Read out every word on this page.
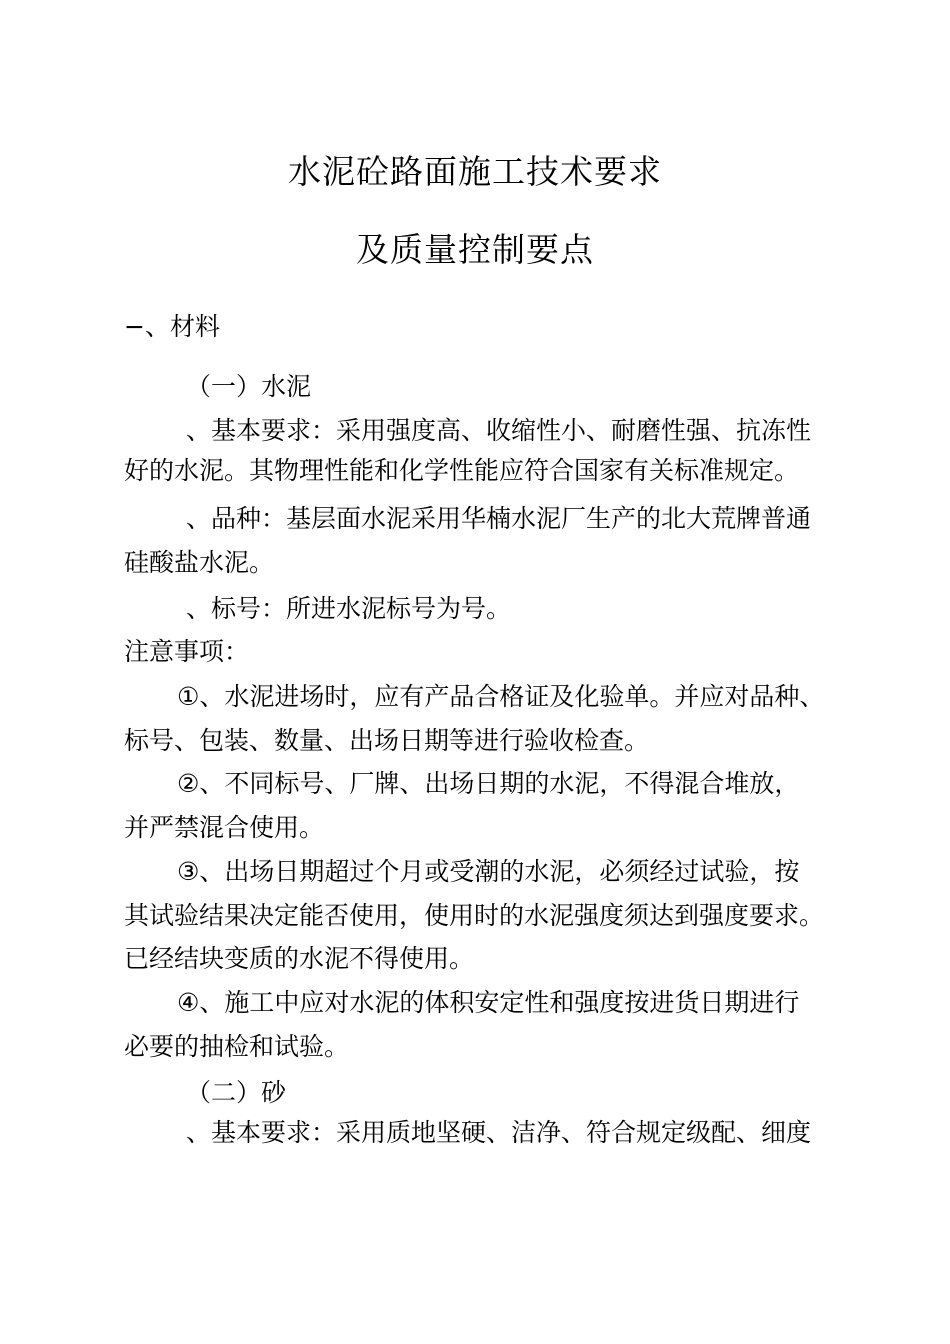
水泥砼路面施工技术要求
及质量控制要点
−、材料
（一）水泥
、基本要求：采用强度高、收缩性小、耐磨性强、抗冻性
好的水泥。其物理性能和化学性能应符合国家有关标准规定。
、品种：基层面水泥采用华楠水泥厂生产的北大荒牌普通
硅酸盐水泥。
、标号：所进水泥标号为号。
注意事项：
①、水泥进场时，应有产品合格证及化验单。并应对品种、
标号、包装、数量、出场日期等进行验收检查。
②、不同标号、厂牌、出场日期的水泥，不得混合堆放，
并严禁混合使用。
③、出场日期超过个月或受潮的水泥，必须经过试验，按
其试验结果决定能否使用，使用时的水泥强度须达到强度要求。
已经结块变质的水泥不得使用。
④、施工中应对水泥的体积安定性和强度按进货日期进行
必要的抽检和试验。
（二）砂
、基本要求：采用质地坚硬、洁净、符合规定级配、细度
